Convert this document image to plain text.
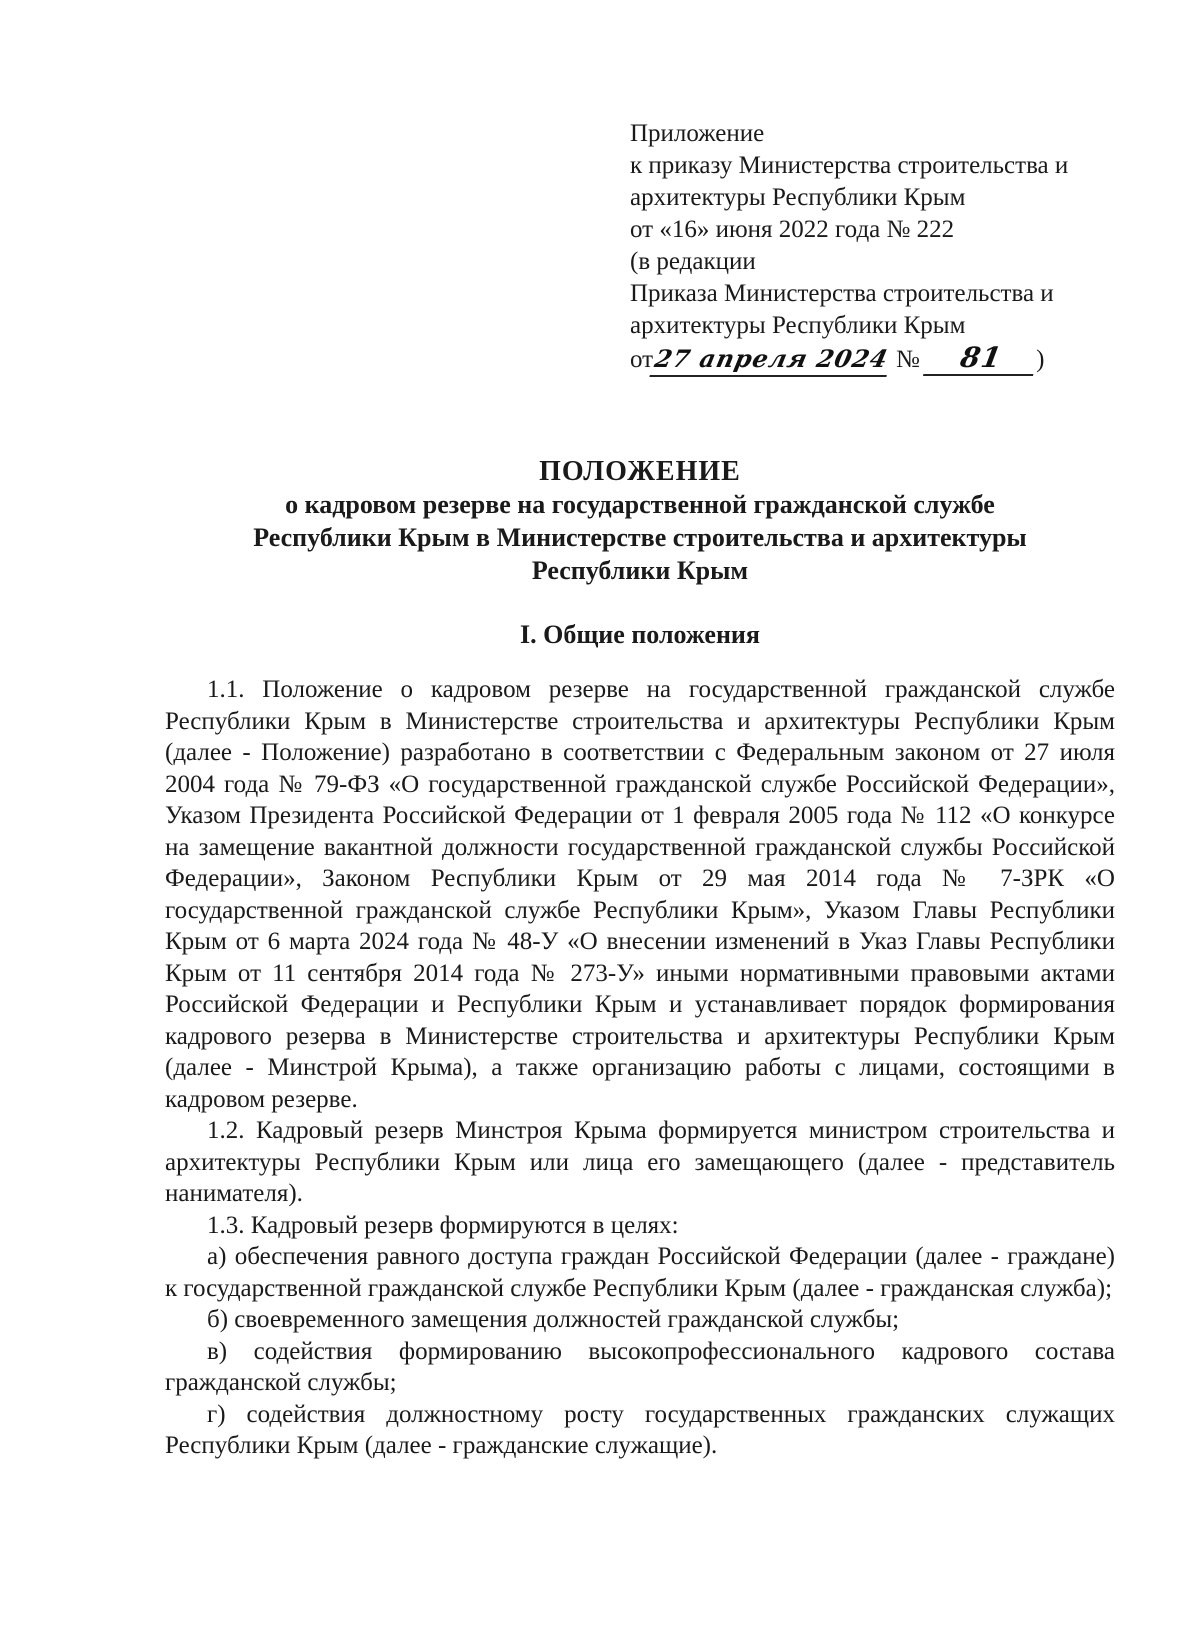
Приложение
к приказу Министерства строительства и
архитектуры Республики Крым
от «16» июня 2022 года № 222
(в редакции
Приказа Министерства строительства и
архитектуры Республики Крым
от27 апреля 2024 № 81 )
ПОЛОЖЕНИЕ
о кадровом резерве на государственной гражданской службе
Республики Крым в Министерстве строительства и архитектуры
Республики Крым
I. Общие положения

1.1. Положение о кадровом резерве на государственной гражданской службе Республики Крым в Министерстве строительства и архитектуры Республики Крым (далее - Положение) разработано в соответствии с Федеральным законом от 27 июля 2004 года № 79-ФЗ «О государственной гражданской службе Российской Федерации», Указом Президента Российской Федерации от 1 февраля 2005 года № 112 «О конкурсе на замещение вакантной должности государственной гражданской службы Российской Федерации», Законом Республики Крым от 29 мая 2014 года № 7-ЗРК «О государственной гражданской службе Республики Крым», Указом Главы Республики Крым от 6 марта 2024 года № 48-У «О внесении изменений в Указ Главы Республики Крым от 11 сентября 2014 года № 273-У» иными нормативными правовыми актами Российской Федерации и Республики Крым и устанавливает порядок формирования кадрового резерва в Министерстве строительства и архитектуры Республики Крым (далее - Минстрой Крыма), а также организацию работы с лицами, состоящими в кадровом резерве.

1.2. Кадровый резерв Минстроя Крыма формируется министром строительства и архитектуры Республики Крым или лица его замещающего (далее - представитель нанимателя).

1.3. Кадровый резерв формируются в целях:

а) обеспечения равного доступа граждан Российской Федерации (далее - граждане) к государственной гражданской службе Республики Крым (далее - гражданская служба);

б) своевременного замещения должностей гражданской службы;

в) содействия формированию высокопрофессионального кадрового состава гражданской службы;

г) содействия должностному росту государственных гражданских служащих Республики Крым (далее - гражданские служащие).
